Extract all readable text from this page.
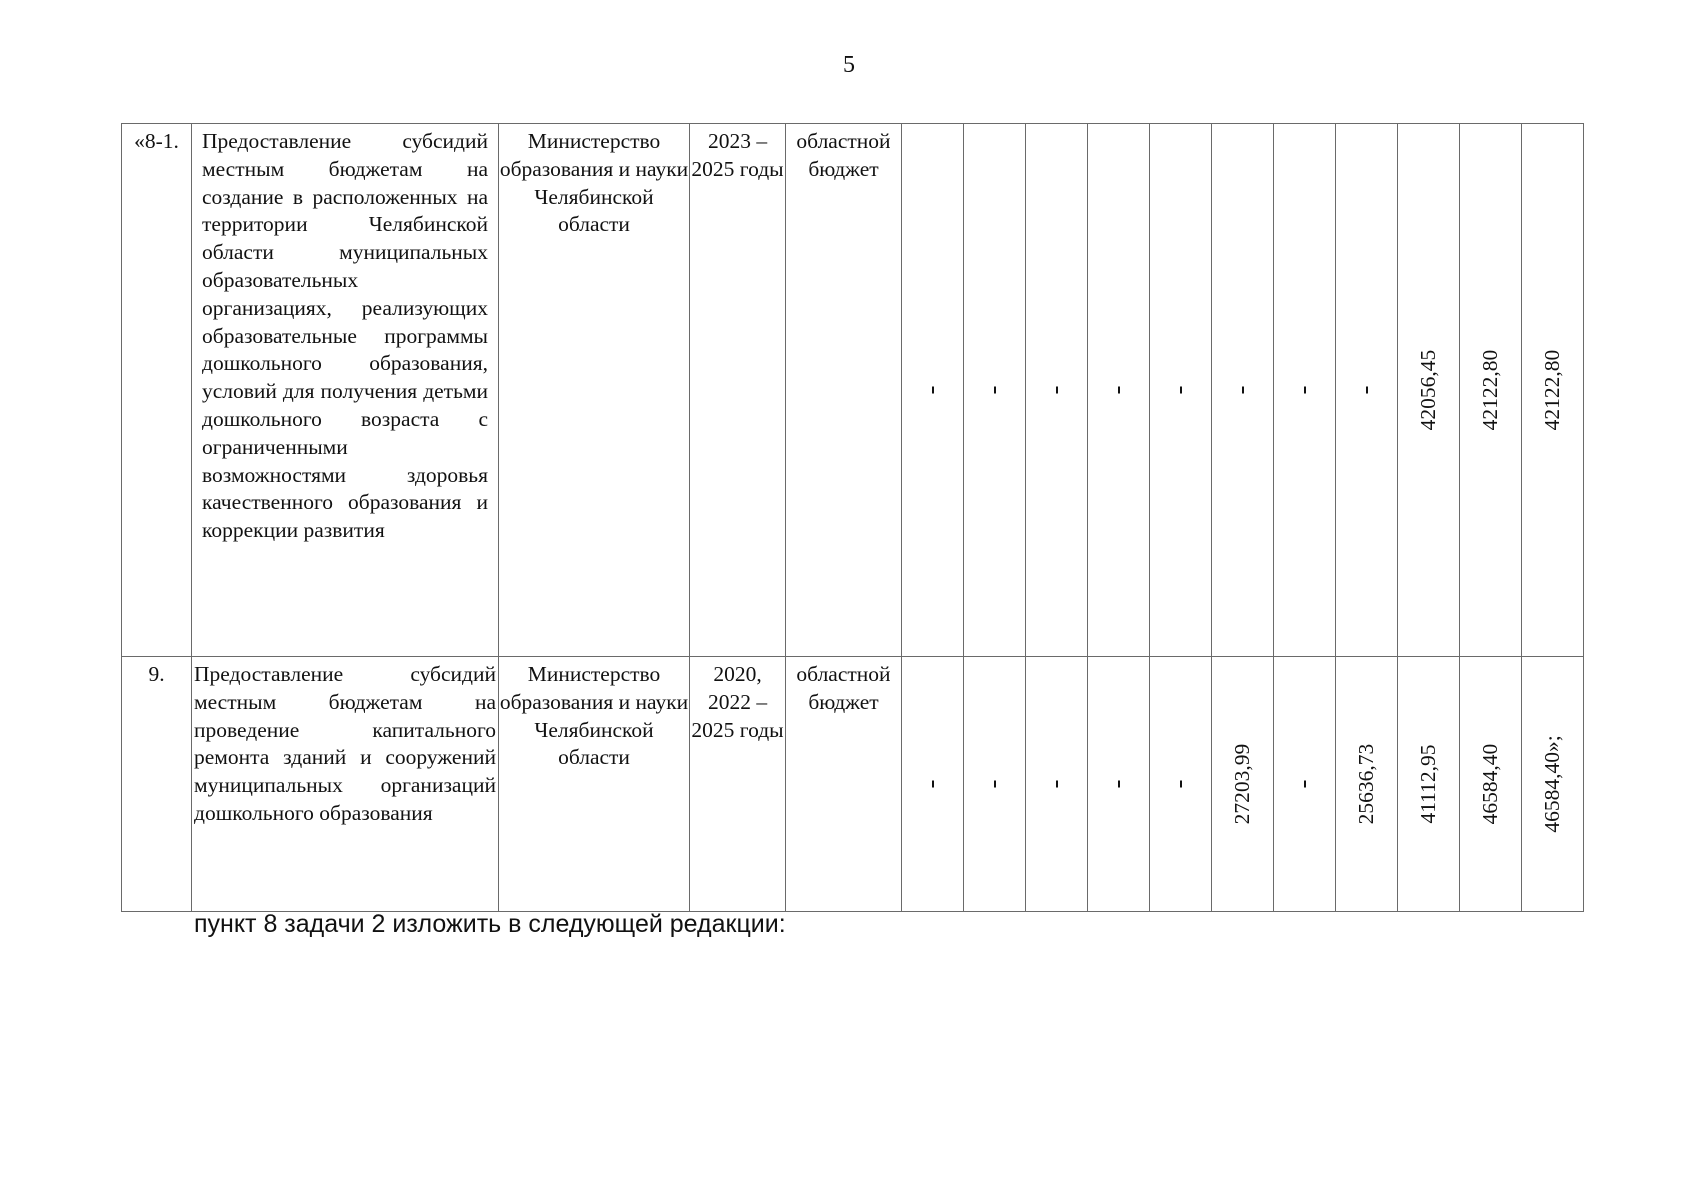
5
«8-1.	Предоставление субсидий местным бюджетам на создание в расположенных на территории Челябинской области муниципальных образовательных организациях, реализующих образовательные программы дошкольного образования, условий для получения детьми дошкольного возраста с ограниченными возможностями здоровья качественного образования и коррекции развития	Министерство образования и науки Челябинской области	2023 – 2025 годы	областной бюджет									42056,45	42122,80	42122,80

9.	Предоставление субсидий местным бюджетам на проведение капитального ремонта зданий и сооружений муниципальных организаций дошкольного образования	Министерство образования и науки Челябинской области	2020, 2022 – 2025 годы	областной бюджет						27203,99		25636,73	41112,95	46584,40	46584,40»;
пункт 8 задачи 2 изложить в следующей редакции:
